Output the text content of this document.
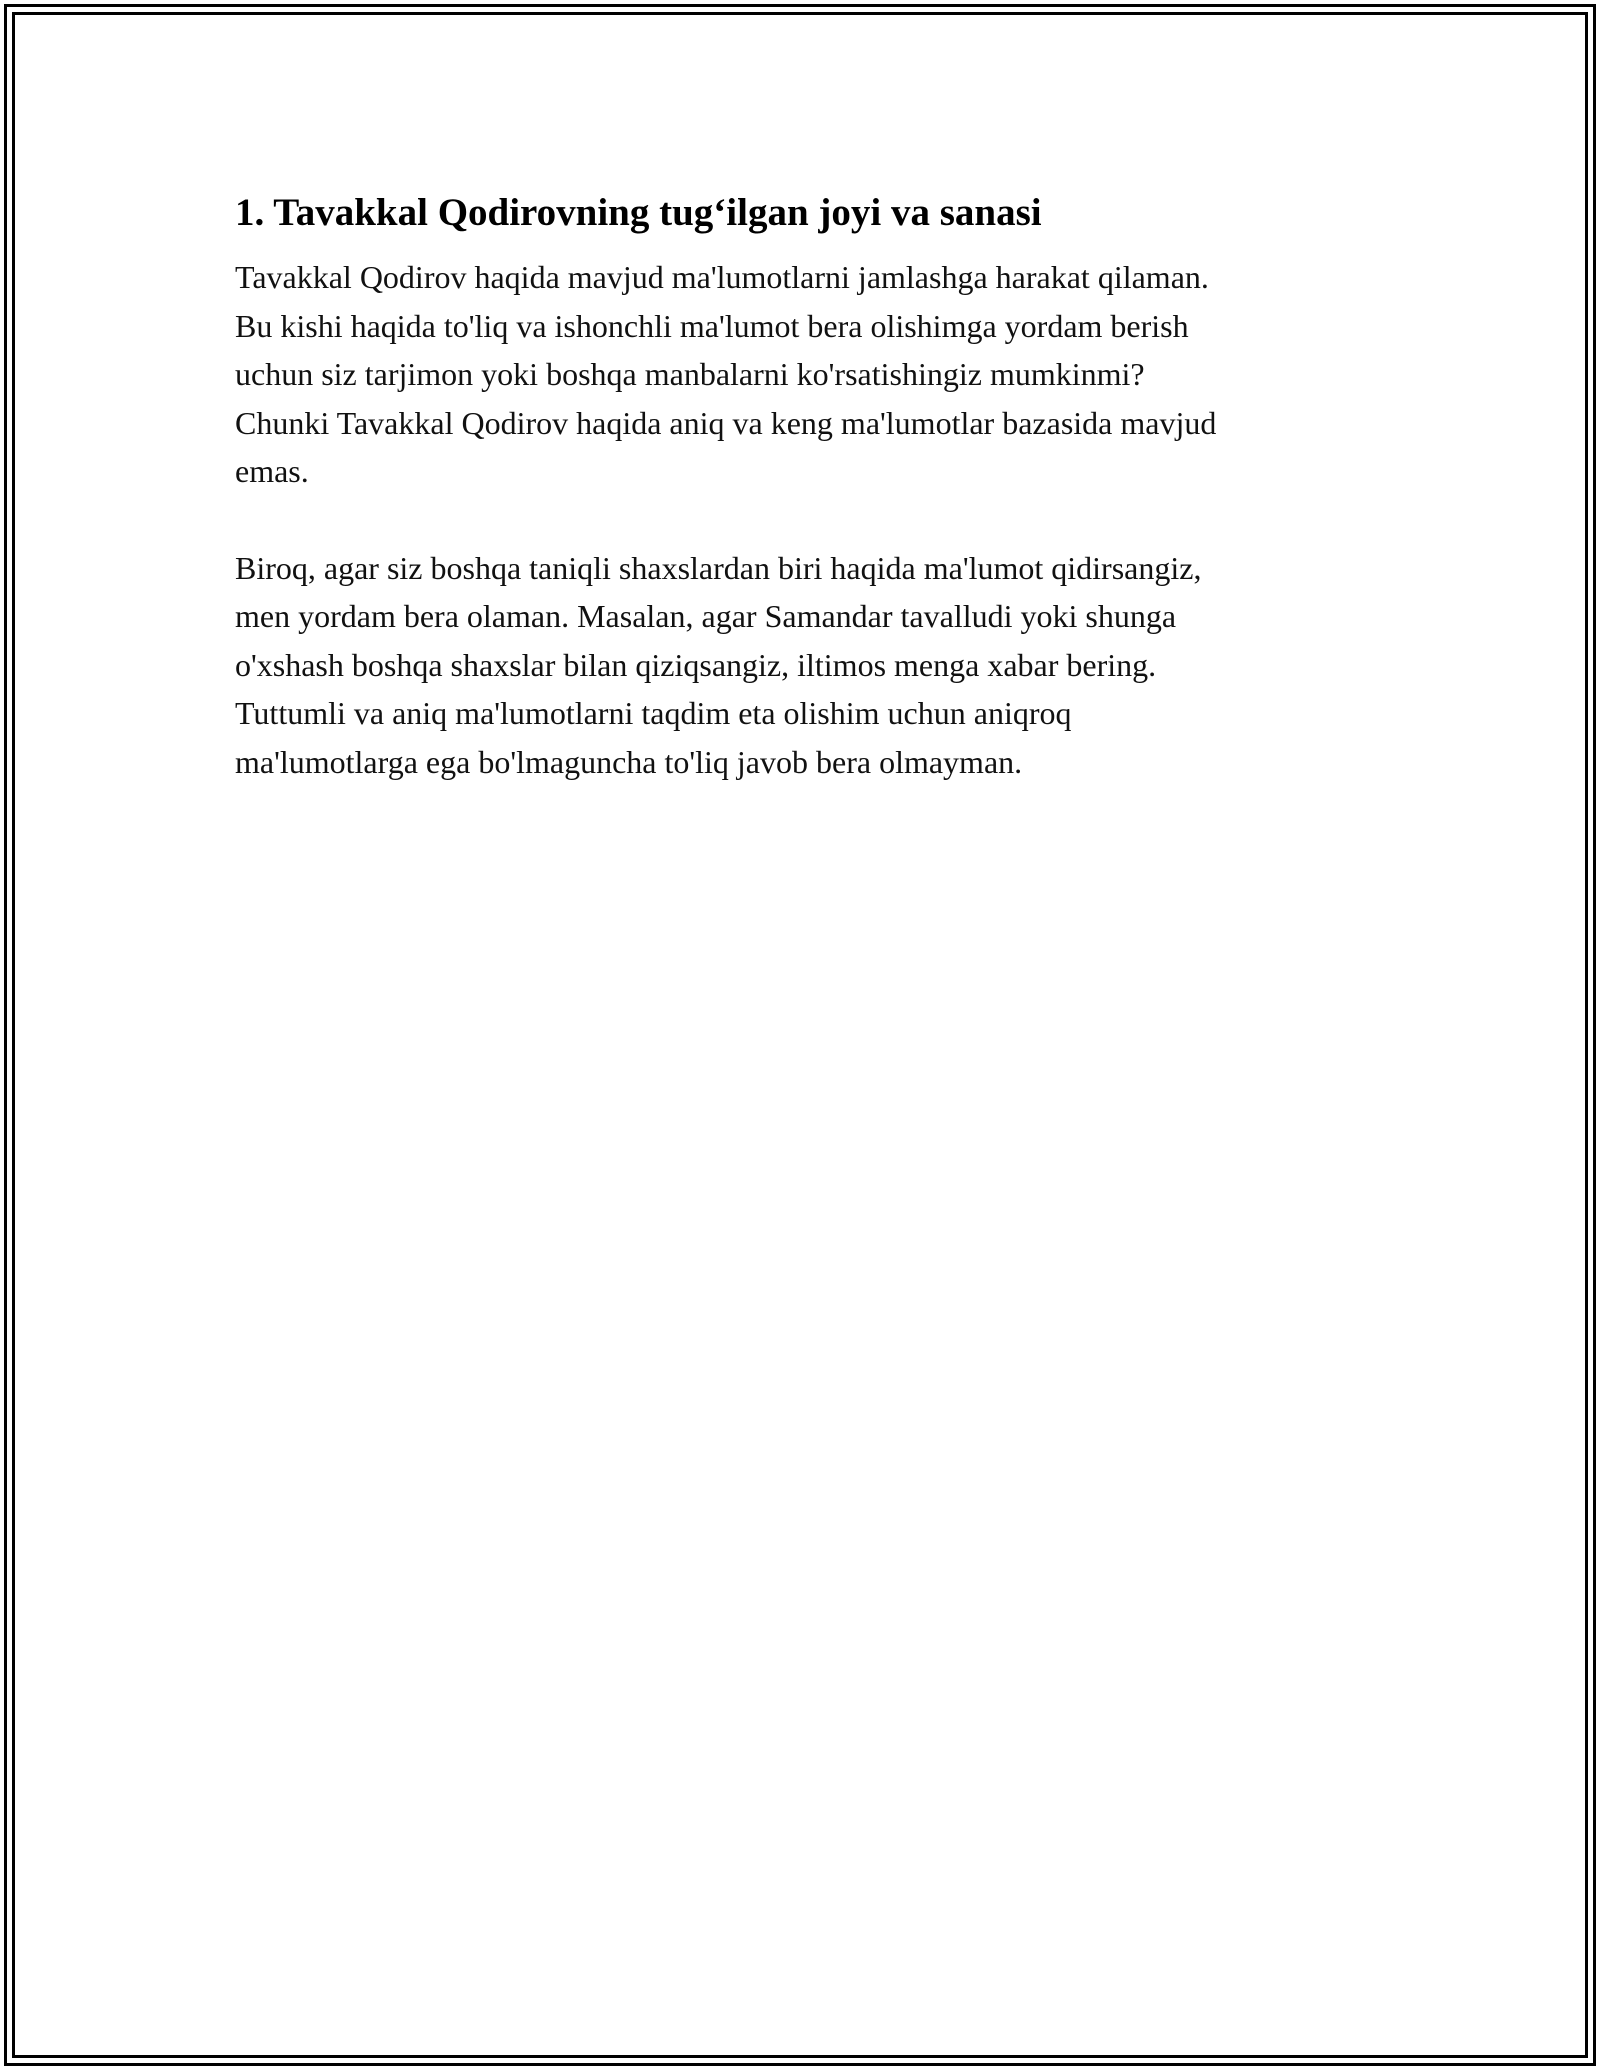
1. Tavakkal Qodirovning tug‘ilgan joyi va sanasi

Tavakkal Qodirov haqida mavjud ma'lumotlarni jamlashga harakat qilaman.
Bu kishi haqida to'liq va ishonchli ma'lumot bera olishimga yordam berish
uchun siz tarjimon yoki boshqa manbalarni ko'rsatishingiz mumkinmi?
Chunki Tavakkal Qodirov haqida aniq va keng ma'lumotlar bazasida mavjud
emas.

Biroq, agar siz boshqa taniqli shaxslardan biri haqida ma'lumot qidirsangiz,
men yordam bera olaman. Masalan, agar Samandar tavalludi yoki shunga
o'xshash boshqa shaxslar bilan qiziqsangiz, iltimos menga xabar bering.
Tuttumli va aniq ma'lumotlarni taqdim eta olishim uchun aniqroq
ma'lumotlarga ega bo'lmaguncha to'liq javob bera olmayman.
